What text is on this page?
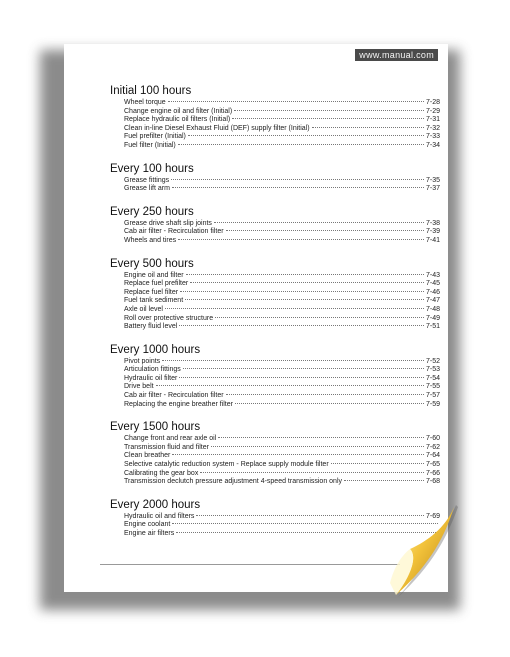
www.manual.com
Initial 100 hours
Wheel torque	7-28
Change engine oil and filter (Initial)	7-29
Replace hydraulic oil filters (Initial)	7-31
Clean in-line Diesel Exhaust Fluid (DEF) supply filter (Initial)	7-32
Fuel prefilter (Initial)	7-33
Fuel filter (Initial)	7-34
Every 100 hours
Grease fittings	7-35
Grease lift arm	7-37
Every 250 hours
Grease drive shaft slip joints	7-38
Cab air filter - Recirculation filter	7-39
Wheels and tires	7-41
Every 500 hours
Engine oil and filter	7-43
Replace fuel prefilter	7-45
Replace fuel filter	7-46
Fuel tank sediment	7-47
Axle oil level	7-48
Roll over protective structure	7-49
Battery fluid level	7-51
Every 1000 hours
Pivot points	7-52
Articulation fittings	7-53
Hydraulic oil filter	7-54
Drive belt	7-55
Cab air filter - Recirculation filter	7-57
Replacing the engine breather filter	7-59
Every 1500 hours
Change front and rear axle oil	7-60
Transmission fluid and filter	7-62
Clean breather	7-64
Selective catalytic reduction system - Replace supply module filter	7-65
Calibrating the gear box	7-66
Transmission declutch pressure adjustment 4-speed transmission only	7-68
Every 2000 hours
Hydraulic oil and filters	7-69
Engine coolant
Engine air filters
